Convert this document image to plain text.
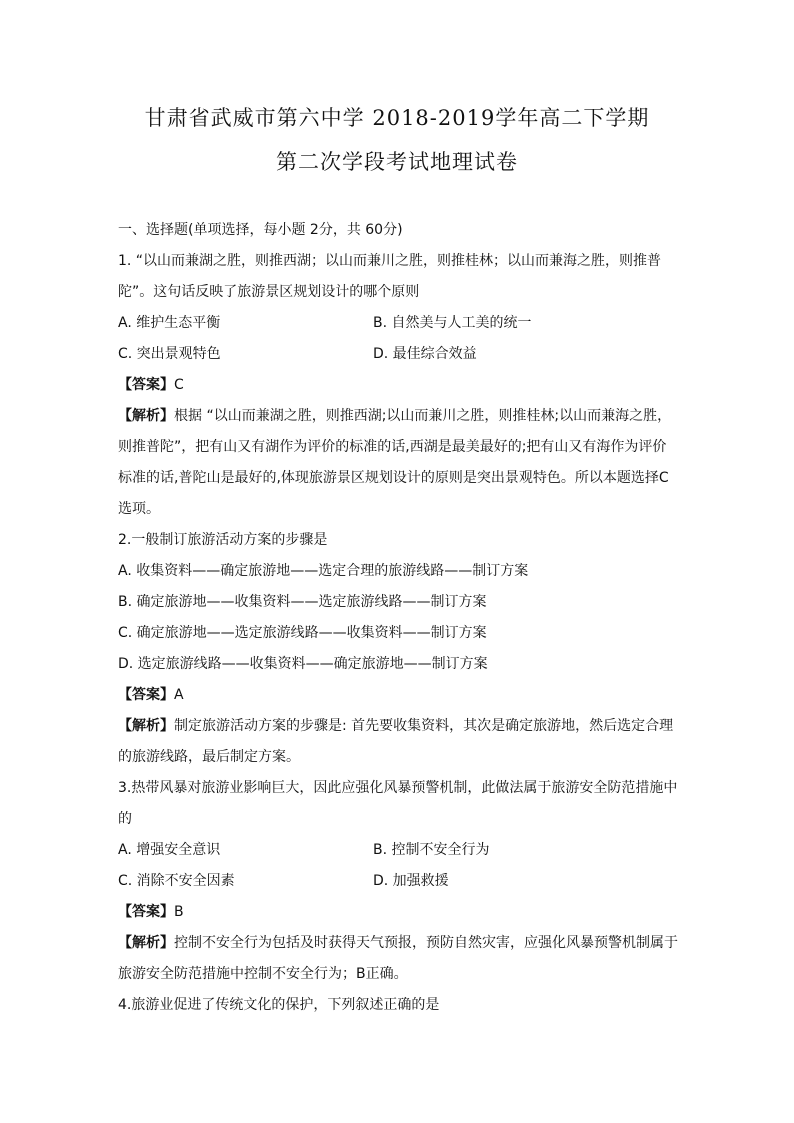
甘肃省武威市第六中学 2018-2019学年高二下学期
第二次学段考试地理试卷
一、选择题(单项选择，每小题 2分，共 60分)
1. “以山而兼湖之胜，则推西湖；以山而兼川之胜，则推桂林；以山而兼海之胜，则推普
陀”。这句话反映了旅游景区规划设计的哪个原则
A. 维护生态平衡	B. 自然美与人工美的统一
C. 突出景观特色	D. 最佳综合效益
【答案】C
【解析】根据 “以山而兼湖之胜，则推西湖;以山而兼川之胜，则推桂林;以山而兼海之胜，
则推普陀”，把有山又有湖作为评价的标准的话,西湖是最美最好的;把有山又有海作为评价
标准的话,普陀山是最好的,体现旅游景区规划设计的原则是突出景观特色。所以本题选择C
选项。
2.一般制订旅游活动方案的步骤是
A. 收集资料——确定旅游地——选定合理的旅游线路——制订方案
B. 确定旅游地——收集资料——选定旅游线路——制订方案
C. 确定旅游地——选定旅游线路——收集资料——制订方案
D. 选定旅游线路——收集资料——确定旅游地——制订方案
【答案】A
【解析】制定旅游活动方案的步骤是: 首先要收集资料，其次是确定旅游地，然后选定合理
的旅游线路，最后制定方案。
3.热带风暴对旅游业影响巨大，因此应强化风暴预警机制，此做法属于旅游安全防范措施中
的
A. 增强安全意识	B. 控制不安全行为
C. 消除不安全因素	D. 加强救援
【答案】B
【解析】控制不安全行为包括及时获得天气预报，预防自然灾害，应强化风暴预警机制属于
旅游安全防范措施中控制不安全行为；B正确。
4.旅游业促进了传统文化的保护，下列叙述正确的是
